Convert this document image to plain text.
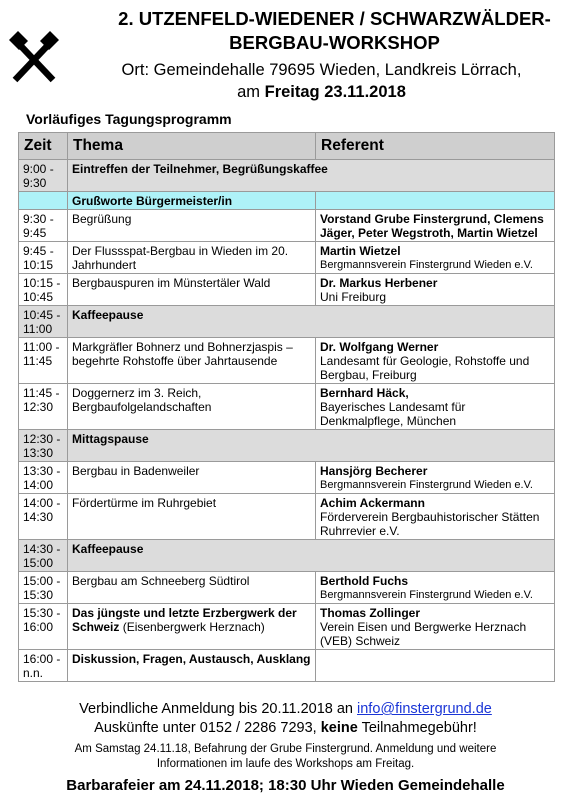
2. UTZENFELD-WIEDENER / SCHWARZWÄLDER-
BERGBAU-WORKSHOP
Ort: Gemeindehalle 79695 Wieden, Landkreis Lörrach,
am Freitag 23.11.2018
Vorläufiges Tagungsprogramm
Zeit	Thema	Referent
9:00 - 9:30	Eintreffen der Teilnehmer, Begrüßungskaffee	
	Grußworte Bürgermeister/in	
9:30 - 9:45	Begrüßung	Vorstand Grube Finstergrund, Clemens Jäger, Peter Wegstroth, Martin Wietzel

9:45 - 10:15	Der Flussspat-Bergbau in Wieden im 20. Jahrhundert	Martin Wietzel
Bergmannsverein Finstergrund Wieden e.V.

10:15 - 10:45	Bergbauspuren im Münstertäler Wald	Dr. Markus Herbener
Uni Freiburg

10:45 - 11:00	Kaffeepause	
11:00 - 11:45	Markgräfler Bohnerz und Bohnerzjaspis – begehrte Rohstoffe über Jahrtausende	Dr. Wolfgang Werner
Landesamt für Geologie, Rohstoffe und Bergbau, Freiburg

11:45 - 12:30	Doggernerz im 3. Reich, Bergbaufolgelandschaften	Bernhard Häck,
Bayerisches Landesamt für Denkmalpflege, München

12:30 - 13:30	Mittagspause	
13:30 - 14:00	Bergbau in Badenweiler	Hansjörg Becherer
Bergmannsverein Finstergrund Wieden e.V.

14:00 - 14:30	Fördertürme im Ruhrgebiet	Achim Ackermann
Förderverein Bergbauhistorischer Stätten Ruhrrevier e.V.

14:30 - 15:00	Kaffeepause	
15:00 - 15:30	Bergbau am Schneeberg Südtirol	Berthold Fuchs
Bergmannsverein Finstergrund Wieden e.V.

15:30 - 16:00	Das jüngste und letzte Erzbergwerk der Schweiz (Eisenbergwerk Herznach)	Thomas Zollinger
Verein Eisen und Bergwerke Herznach (VEB) Schweiz

16:00 - n.n.	Diskussion, Fragen, Austausch, Ausklang	
Verbindliche Anmeldung bis 20.11.2018 an info@finstergrund.de
Auskünfte unter 0152 / 2286 7293, keine Teilnahmegebühr!
Am Samstag 24.11.18, Befahrung der Grube Finstergrund. Anmeldung und weitere
Informationen im laufe des Workshops am Freitag.
Barbarafeier am 24.11.2018; 18:30 Uhr Wieden Gemeindehalle
